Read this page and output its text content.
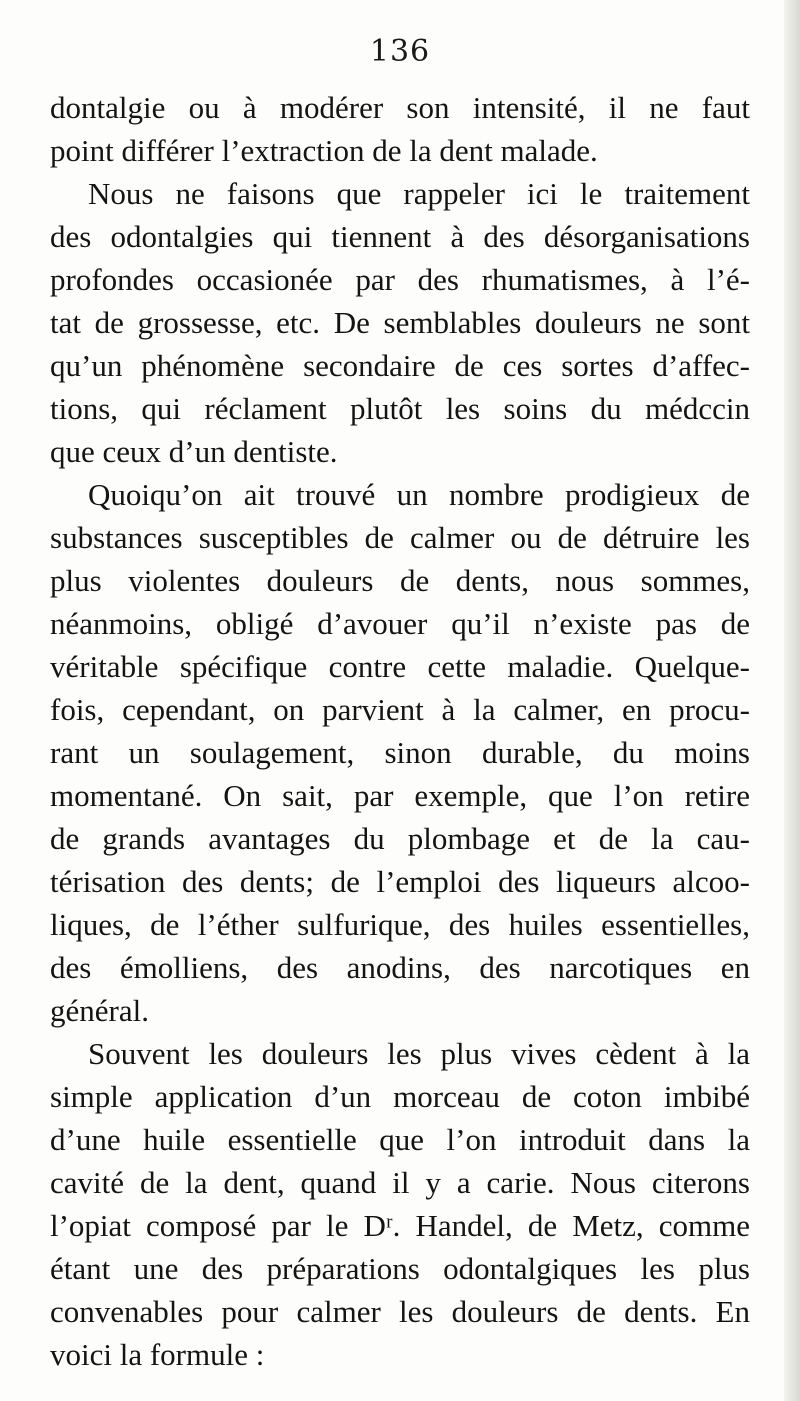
136
dontalgie ou à modérer son intensité, il ne faut
point différer l’extraction de la dent malade.
Nous ne faisons que rappeler ici le traitement
des odontalgies qui tiennent à des désorganisations
profondes occasionée par des rhumatismes, à l’é-
tat de grossesse, etc. De semblables douleurs ne sont
qu’un phénomène secondaire de ces sortes d’affec-
tions, qui réclament plutôt les soins du médccin
que ceux d’un dentiste.
Quoiqu’on ait trouvé un nombre prodigieux de
substances susceptibles de calmer ou de détruire les
plus violentes douleurs de dents, nous sommes,
néanmoins, obligé d’avouer qu’il n’existe pas de
véritable spécifique contre cette maladie. Quelque-
fois, cependant, on parvient à la calmer, en procu-
rant un soulagement, sinon durable, du moins
momentané. On sait, par exemple, que l’on retire
de grands avantages du plombage et de la cau-
térisation des dents; de l’emploi des liqueurs alcoo-
liques, de l’éther sulfurique, des huiles essentielles,
des émolliens, des anodins, des narcotiques en
général.
Souvent les douleurs les plus vives cèdent à la
simple application d’un morceau de coton imbibé
d’une huile essentielle que l’on introduit dans la
cavité de la dent, quand il y a carie. Nous citerons
l’opiat composé par le Dʳ. Handel, de Metz, comme
étant une des préparations odontalgiques les plus
convenables pour calmer les douleurs de dents. En
voici la formule :
